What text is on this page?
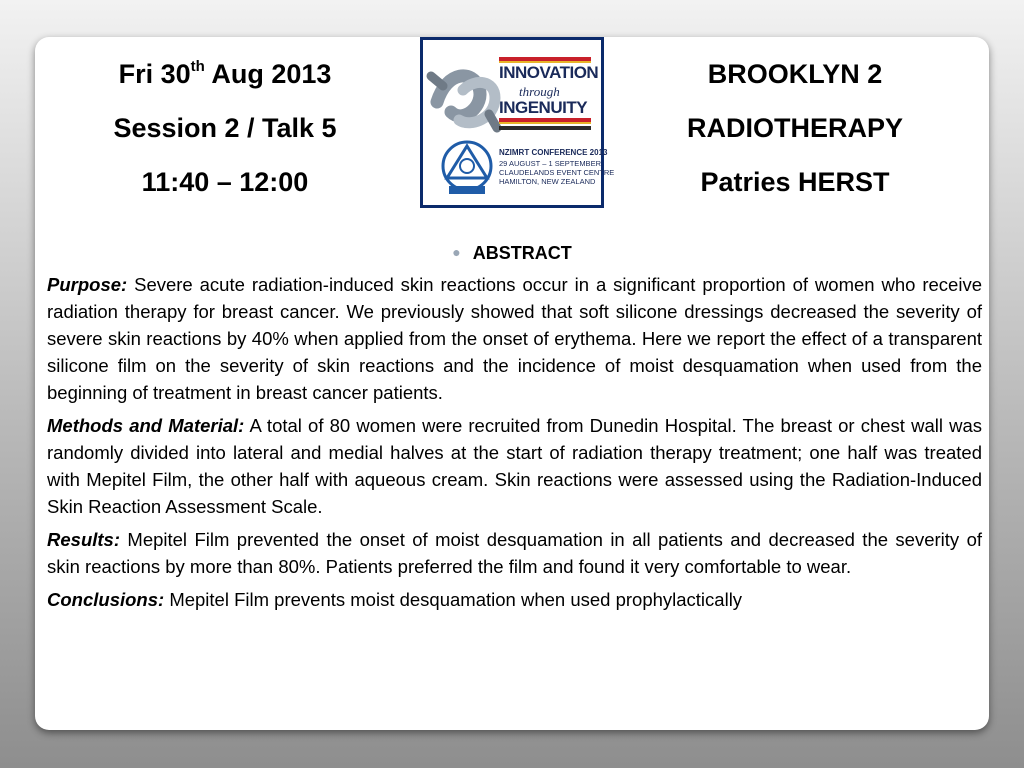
Fri 30th Aug 2013
Session 2 / Talk 5
11:40 – 12:00
INNOVATION
through
INGENUITY
NZIMRT CONFERENCE 2013
29 AUGUST – 1 SEPTEMBER
CLAUDELANDS EVENT CENTRE
HAMILTON, NEW ZEALAND
BROOKLYN 2
RADIOTHERAPY
Patries HERST
● ABSTRACT

Purpose: Severe acute radiation-induced skin reactions occur in a significant proportion of women who receive radiation therapy for breast cancer. We previously showed that soft silicone dressings decreased the severity of severe skin reactions by 40% when applied from the onset of erythema. Here we report the effect of a transparent silicone film on the severity of skin reactions and the incidence of moist desquamation when used from the beginning of treatment in breast cancer patients.

Methods and Material: A total of 80 women were recruited from Dunedin Hospital. The breast or chest wall was randomly divided into lateral and medial halves at the start of radiation therapy treatment; one half was treated with Mepitel Film, the other half with aqueous cream. Skin reactions were assessed using the Radiation-Induced Skin Reaction Assessment Scale.

Results: Mepitel Film prevented the onset of moist desquamation in all patients and decreased the severity of skin reactions by more than 80%. Patients preferred the film and found it very comfortable to wear.

Conclusions: Mepitel Film prevents moist desquamation when used prophylactically
